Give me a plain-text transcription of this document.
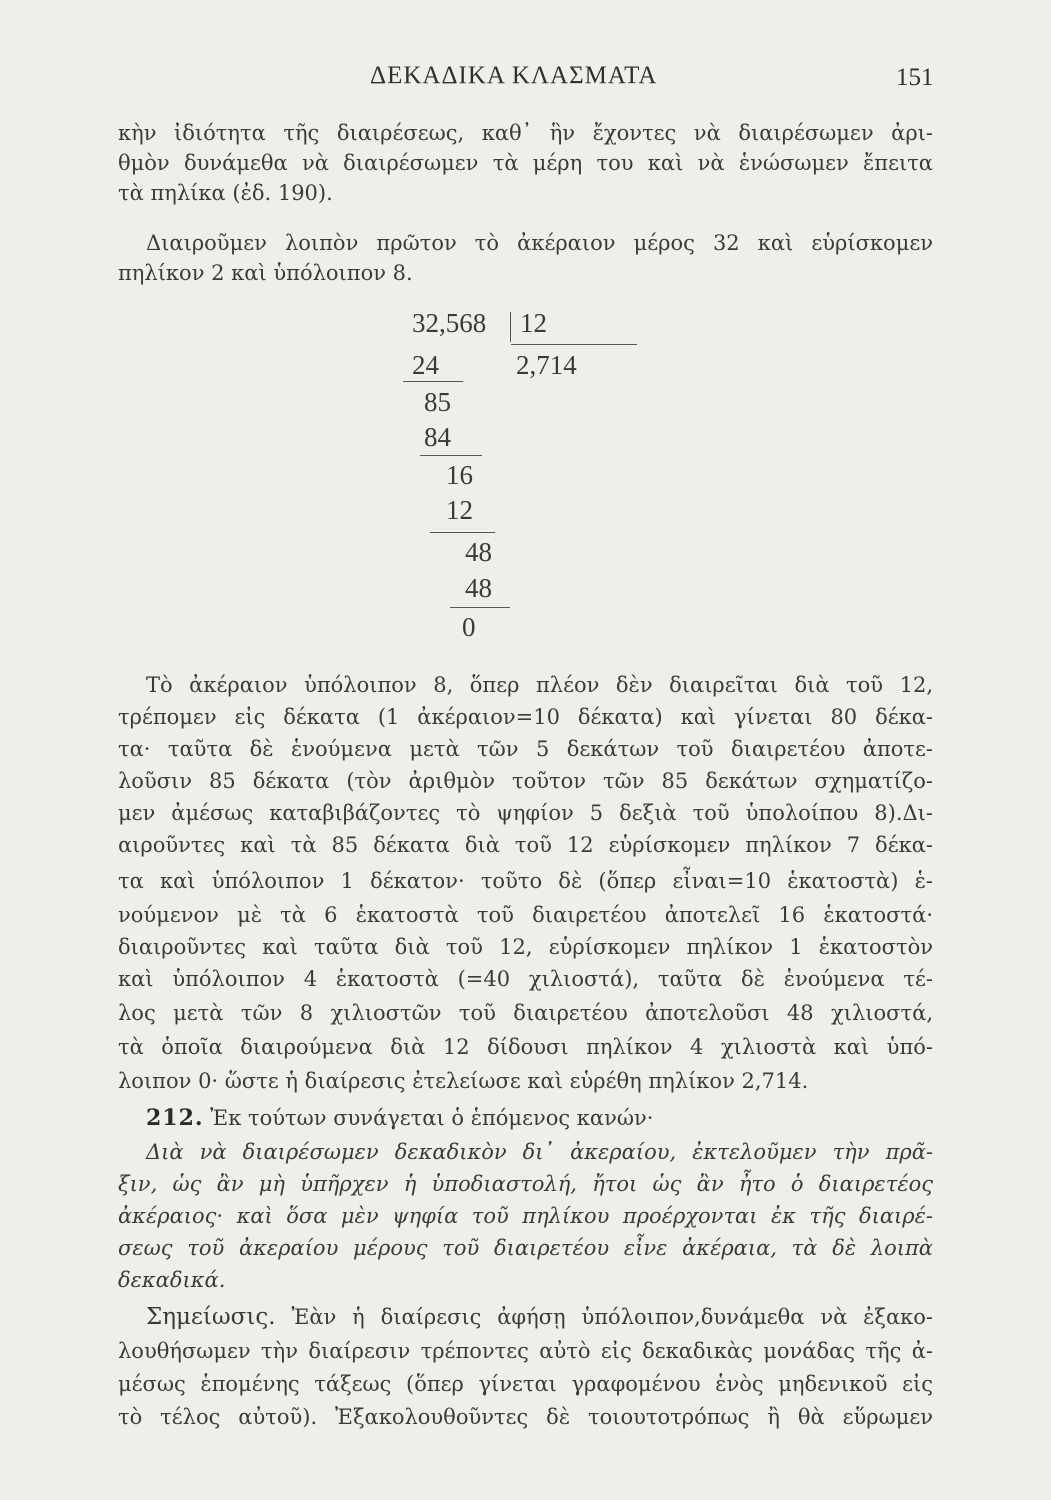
ΔΕΚΑΔΙΚΑ ΚΛΑΣΜΑΤΑ	151
κὴν ἰδιότητα τῆς διαιρέσεως, καθ᾽ ἣν ἔχοντες νὰ διαιρέσωμεν ἀρι-
θμὸν δυνάμεθα νὰ διαιρέσωμεν τὰ μέρη του καὶ νὰ ἑνώσωμεν ἔπειτα
τὰ πηλίκα (ἐδ. 190).
Διαιροῦμεν λοιπὸν πρῶτον τὸ ἀκέραιον μέρος 32 καὶ εὑρίσκομεν
πηλίκον 2 καὶ ὑπόλοιπον 8.
32,568 12
2,714
24
85
84
16
12
48
48
0
Τὸ ἀκέραιον ὑπόλοιπον 8, ὅπερ πλέον δὲν διαιρεῖται διὰ τοῦ 12,
τρέπομεν εἰς δέκατα (1 ἀκέραιον=10 δέκατα) καὶ γίνεται 80 δέκα-
τα· ταῦτα δὲ ἑνούμενα μετὰ τῶν 5 δεκάτων τοῦ διαιρετέου ἀποτε-
λοῦσιν 85 δέκατα (τὸν ἀριθμὸν τοῦτον τῶν 85 δεκάτων σχηματίζο-
μεν ἀμέσως καταβιβάζοντες τὸ ψηφίον 5 δεξιὰ τοῦ ὑπολοίπου 8).Δι-
αιροῦντες καὶ τὰ 85 δέκατα διὰ τοῦ 12 εὑρίσκομεν πηλίκον 7 δέκα-
τα καὶ ὑπόλοιπον 1 δέκατον· τοῦτο δὲ (ὅπερ εἶναι=10 ἑκατοστὰ) ἑ-
νούμενον μὲ τὰ 6 ἑκατοστὰ τοῦ διαιρετέου ἀποτελεῖ 16 ἑκατοστά·
διαιροῦντες καὶ ταῦτα διὰ τοῦ 12, εὑρίσκομεν πηλίκον 1 ἑκατοστὸν
καὶ ὑπόλοιπον 4 ἑκατοστὰ (=40 χιλιοστά), ταῦτα δὲ ἑνούμενα τέ-
λος μετὰ τῶν 8 χιλιοστῶν τοῦ διαιρετέου ἀποτελοῦσι 48 χιλιοστά,
τὰ ὁποῖα διαιρούμενα διὰ 12 δίδουσι πηλίκον 4 χιλιοστὰ καὶ ὑπό-
λοιπον 0· ὥστε ἡ διαίρεσις ἐτελείωσε καὶ εὑρέθη πηλίκον 2,714.
212. Ἐκ τούτων συνάγεται ὁ ἑπόμενος κανών·
Διὰ νὰ διαιρέσωμεν δεκαδικὸν δι᾽ ἀκεραίου, ἐκτελοῦμεν τὴν πρᾶ-
ξιν, ὡς ἂν μὴ ὑπῆρχεν ἡ ὑποδιαστολή, ἤτοι ὡς ἂν ἦτο ὁ διαιρετέος
ἀκέραιος· καὶ ὅσα μὲν ψηφία τοῦ πηλίκου προέρχονται ἐκ τῆς διαιρέ-
σεως τοῦ ἀκεραίου μέρους τοῦ διαιρετέου εἶνε ἀκέραια, τὰ δὲ λοιπὰ
δεκαδικά.
Σημείωσις. Ἐὰν ἡ διαίρεσις ἀφήσῃ ὑπόλοιπον,δυνάμεθα νὰ ἐξακο-
λουθήσωμεν τὴν διαίρεσιν τρέποντες αὐτὸ εἰς δεκαδικὰς μονάδας τῆς ἀ-
μέσως ἑπομένης τάξεως (ὅπερ γίνεται γραφομένου ἑνὸς μηδενικοῦ εἰς
τὸ τέλος αὐτοῦ). Ἐξακολουθοῦντες δὲ τοιουτοτρόπως ἢ θὰ εὕρωμεν
